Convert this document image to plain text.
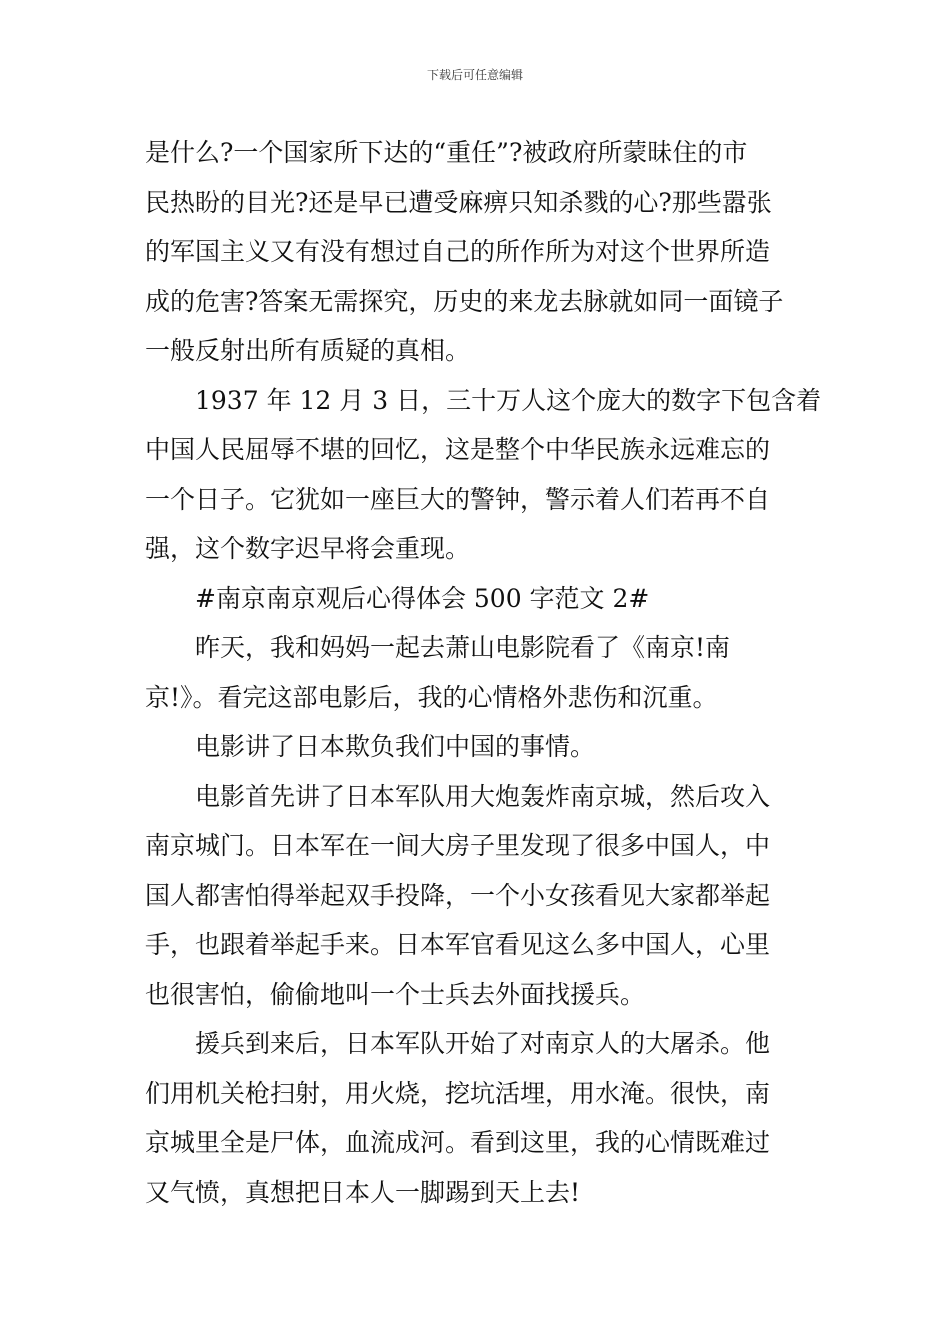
下载后可任意编辑
是什么?一个国家所下达的“重任”?被政府所蒙昧住的市
民热盼的目光?还是早已遭受麻痹只知杀戮的心?那些嚣张
的军国主义又有没有想过自己的所作所为对这个世界所造
成的危害?答案无需探究，历史的来龙去脉就如同一面镜子
一般反射出所有质疑的真相。
1937 年 12 月 3 日，三十万人这个庞大的数字下包含着
中国人民屈辱不堪的回忆，这是整个中华民族永远难忘的
一个日子。它犹如一座巨大的警钟，警示着人们若再不自
强，这个数字迟早将会重现。
#南京南京观后心得体会 500 字范文 2#
昨天，我和妈妈一起去萧山电影院看了《南京!南
京!》。看完这部电影后，我的心情格外悲伤和沉重。
电影讲了日本欺负我们中国的事情。
电影首先讲了日本军队用大炮轰炸南京城，然后攻入
南京城门。日本军在一间大房子里发现了很多中国人，中
国人都害怕得举起双手投降，一个小女孩看见大家都举起
手，也跟着举起手来。日本军官看见这么多中国人，心里
也很害怕，偷偷地叫一个士兵去外面找援兵。
援兵到来后，日本军队开始了对南京人的大屠杀。他
们用机关枪扫射，用火烧，挖坑活埋，用水淹。很快，南
京城里全是尸体，血流成河。看到这里，我的心情既难过
又气愤，真想把日本人一脚踢到天上去!
